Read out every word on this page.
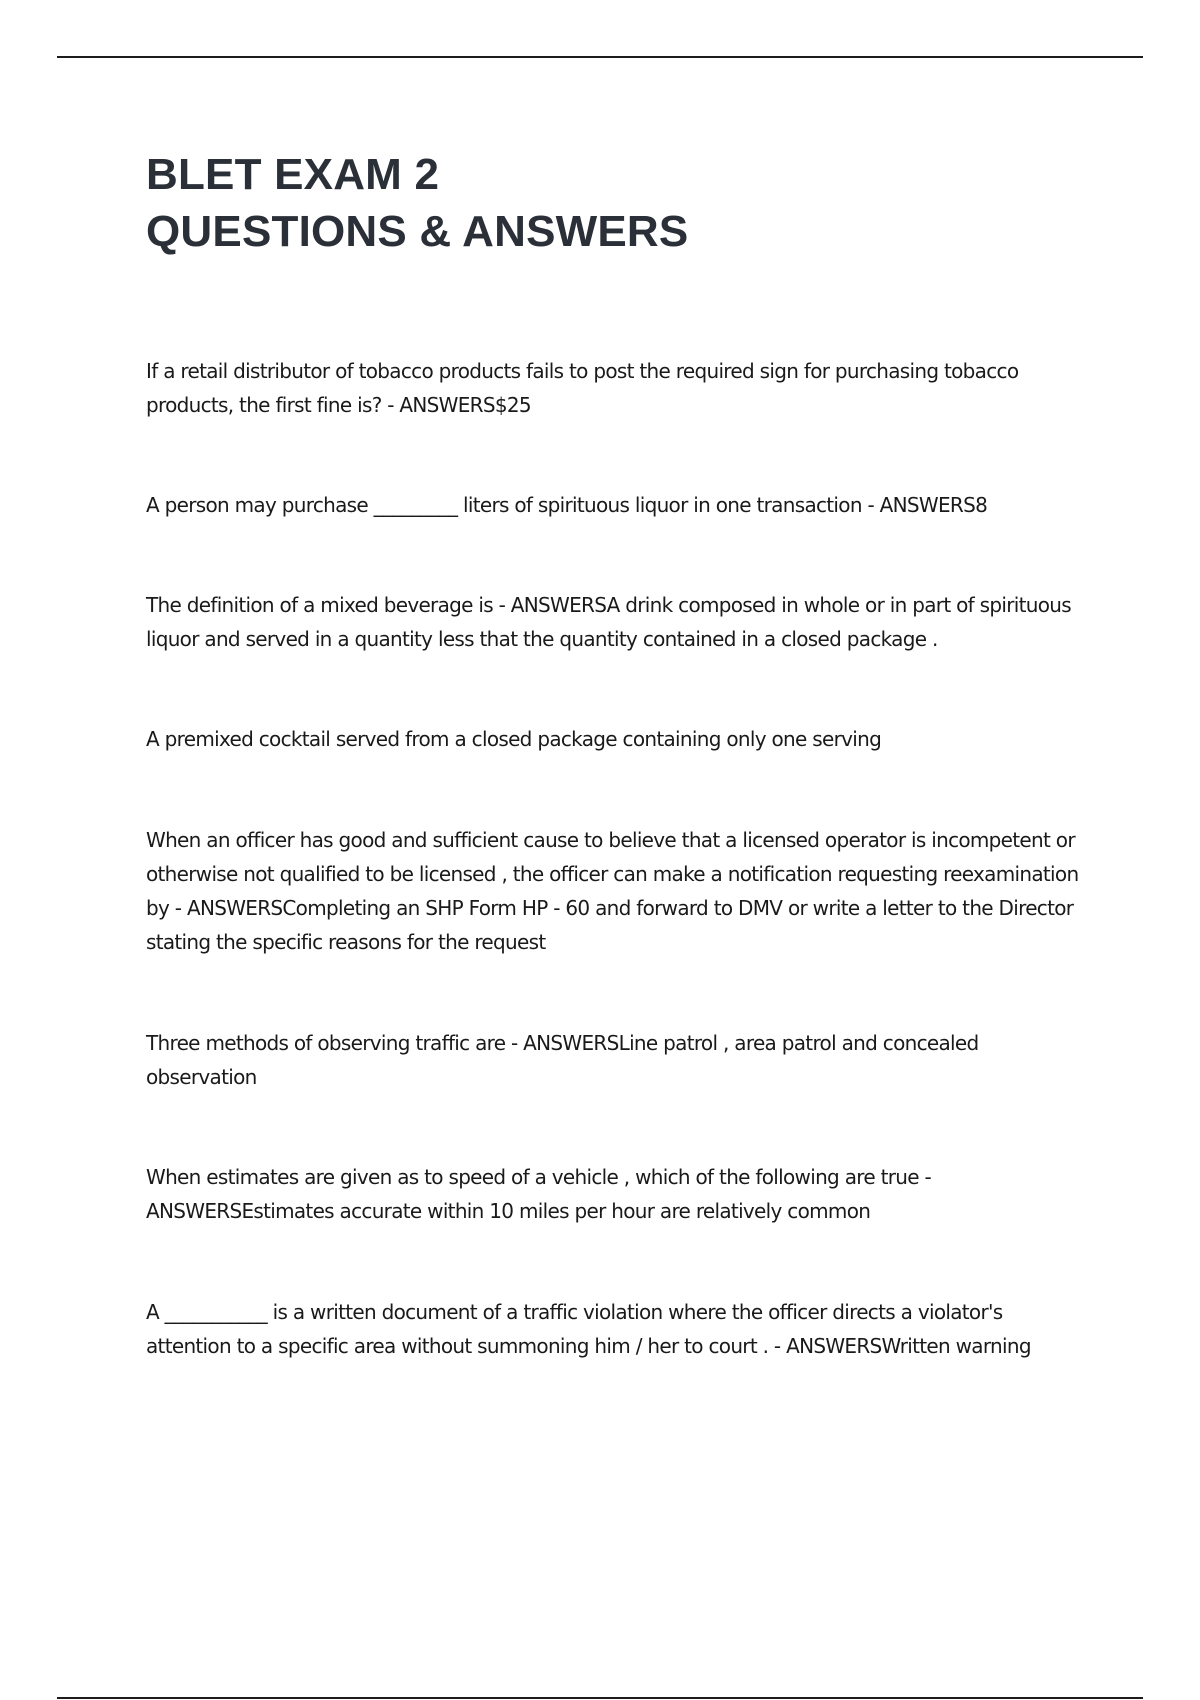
BLET EXAM 2
QUESTIONS & ANSWERS

If a retail distributor of tobacco products fails to post the required sign for purchasing tobacco products, the first fine is? - ANSWERS$25

A person may purchase _________ liters of spirituous liquor in one transaction - ANSWERS8

The definition of a mixed beverage is - ANSWERSA drink composed in whole or in part of spirituous liquor and served in a quantity less that the quantity contained in a closed package .

A premixed cocktail served from a closed package containing only one serving

When an officer has good and sufficient cause to believe that a licensed operator is incompetent or otherwise not qualified to be licensed , the officer can make a notification requesting reexamination by - ANSWERSCompleting an SHP Form HP - 60 and forward to DMV or write a letter to the Director stating the specific reasons for the request

Three methods of observing traffic are - ANSWERSLine patrol , area patrol and concealed observation

When estimates are given as to speed of a vehicle , which of the following are true - ANSWERSEstimates accurate within 10 miles per hour are relatively common

A ___________ is a written document of a traffic violation where the officer directs a violator's attention to a specific area without summoning him / her to court . - ANSWERSWritten warning
